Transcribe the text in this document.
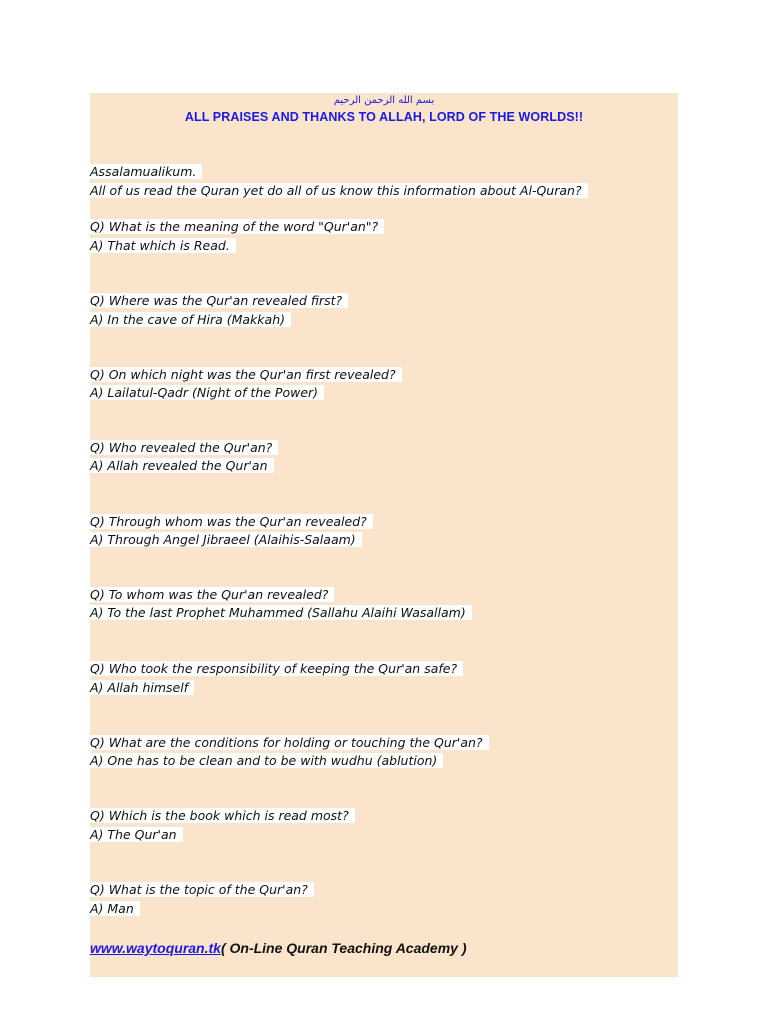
بسم الله الرحمن الرحيم
ALL PRAISES AND THANKS TO ALLAH, LORD OF THE WORLDS!!
Assalamualikum.
All of us read the Quran yet do all of us know this information about Al-Quran?
Q) What is the meaning of the word "Qur'an"?
A) That which is Read.
Q) Where was the Qur'an revealed first?
A) In the cave of Hira (Makkah)
Q) On which night was the Qur'an first revealed?
A) Lailatul-Qadr (Night of the Power)
Q) Who revealed the Qur'an?
A) Allah revealed the Qur'an
Q) Through whom was the Qur'an revealed?
A) Through Angel Jibraeel (Alaihis-Salaam)
Q) To whom was the Qur'an revealed?
A) To the last Prophet Muhammed (Sallahu Alaihi Wasallam)
Q) Who took the responsibility of keeping the Qur'an safe?
A) Allah himself
Q) What are the conditions for holding or touching the Qur'an?
A) One has to be clean and to be with wudhu (ablution)
Q) Which is the book which is read most?
A) The Qur'an
Q) What is the topic of the Qur'an?
A) Man
www.waytoquran.tk( On-Line Quran Teaching Academy )
